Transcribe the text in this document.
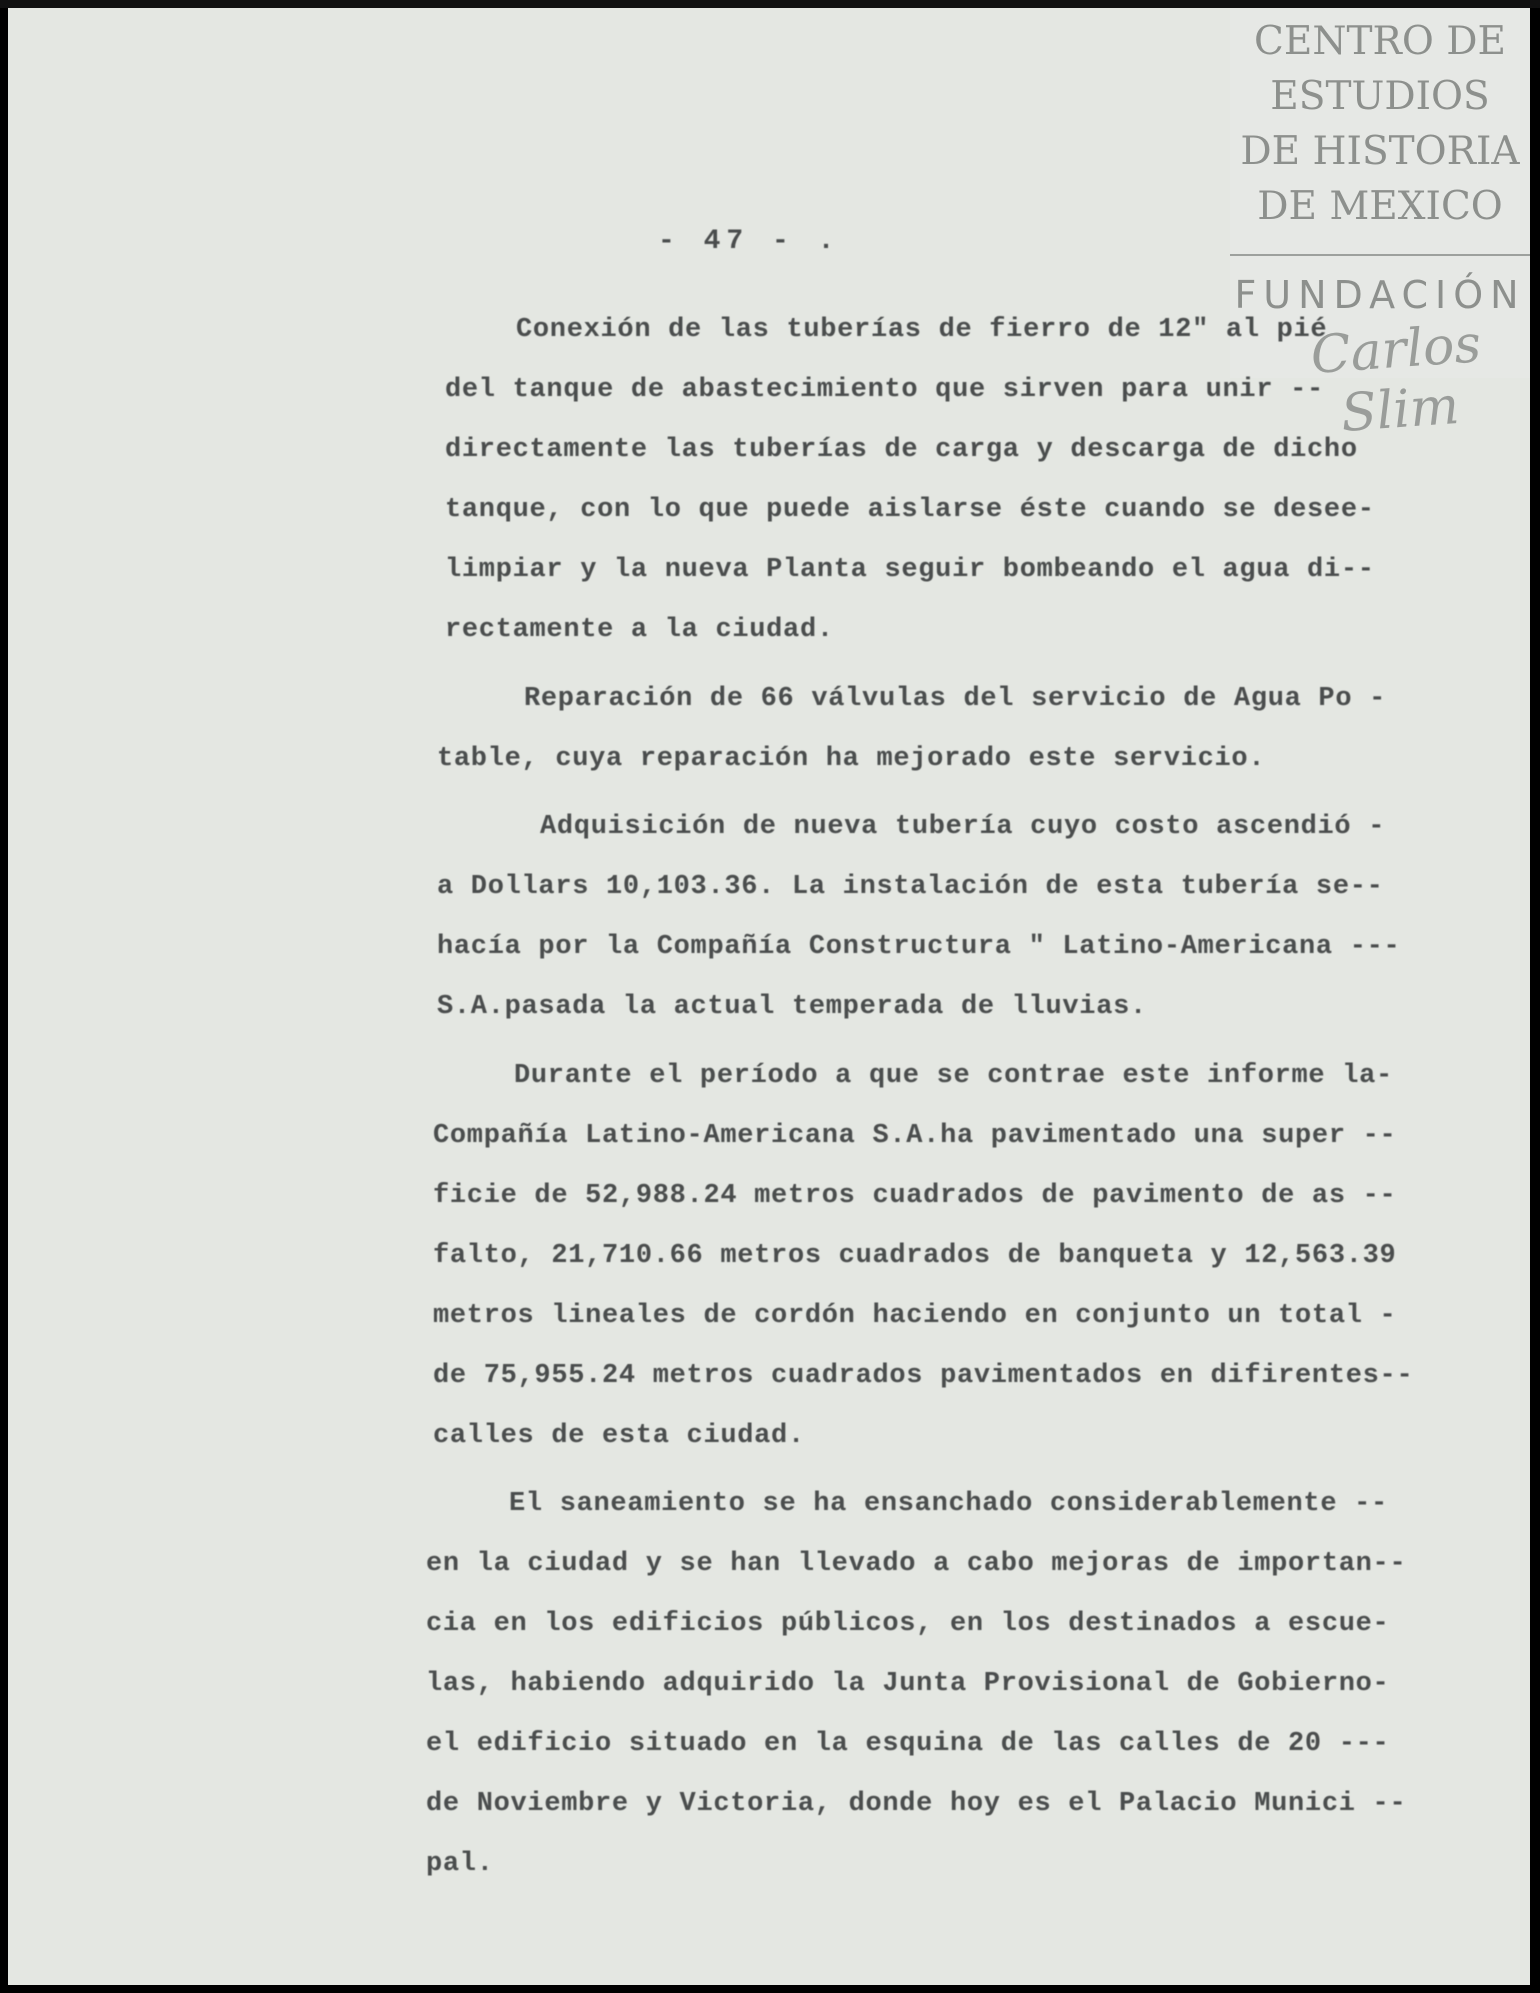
CENTRO DE
ESTUDIOS
DE HISTORIA
DE MEXICO
FUNDACIÓN
Carlos Slim
- 47 - .
Conexión de las tuberías de fierro de 12" al pié
del tanque de abastecimiento que sirven para unir --
directamente las tuberías de carga y descarga de dicho
tanque, con lo que puede aislarse éste cuando se desee-
limpiar y la nueva Planta seguir bombeando el agua di--
rectamente a la ciudad.
Reparación de 66 válvulas del servicio de Agua Po -
table, cuya reparación ha mejorado este servicio.
Adquisición de nueva tubería cuyo costo ascendió -
a Dollars 10,103.36. La instalación de esta tubería se--
hacía por la Compañía Constructura " Latino-Americana ---
S.A.pasada la actual temperada de lluvias.
Durante el período a que se contrae este informe la-
Compañía Latino-Americana S.A.ha pavimentado una super --
ficie de 52,988.24 metros cuadrados de pavimento de as --
falto, 21,710.66 metros cuadrados de banqueta y 12,563.39
metros lineales de cordón haciendo en conjunto un total -
de 75,955.24 metros cuadrados pavimentados en difirentes--
calles de esta ciudad.
El saneamiento se ha ensanchado considerablemente --
en la ciudad y se han llevado a cabo mejoras de importan--
cia en los edificios públicos, en los destinados a escue-
las, habiendo adquirido la Junta Provisional de Gobierno-
el edificio situado en la esquina de las calles de 20 ---
de Noviembre y Victoria, donde hoy es el Palacio Munici --
pal.
